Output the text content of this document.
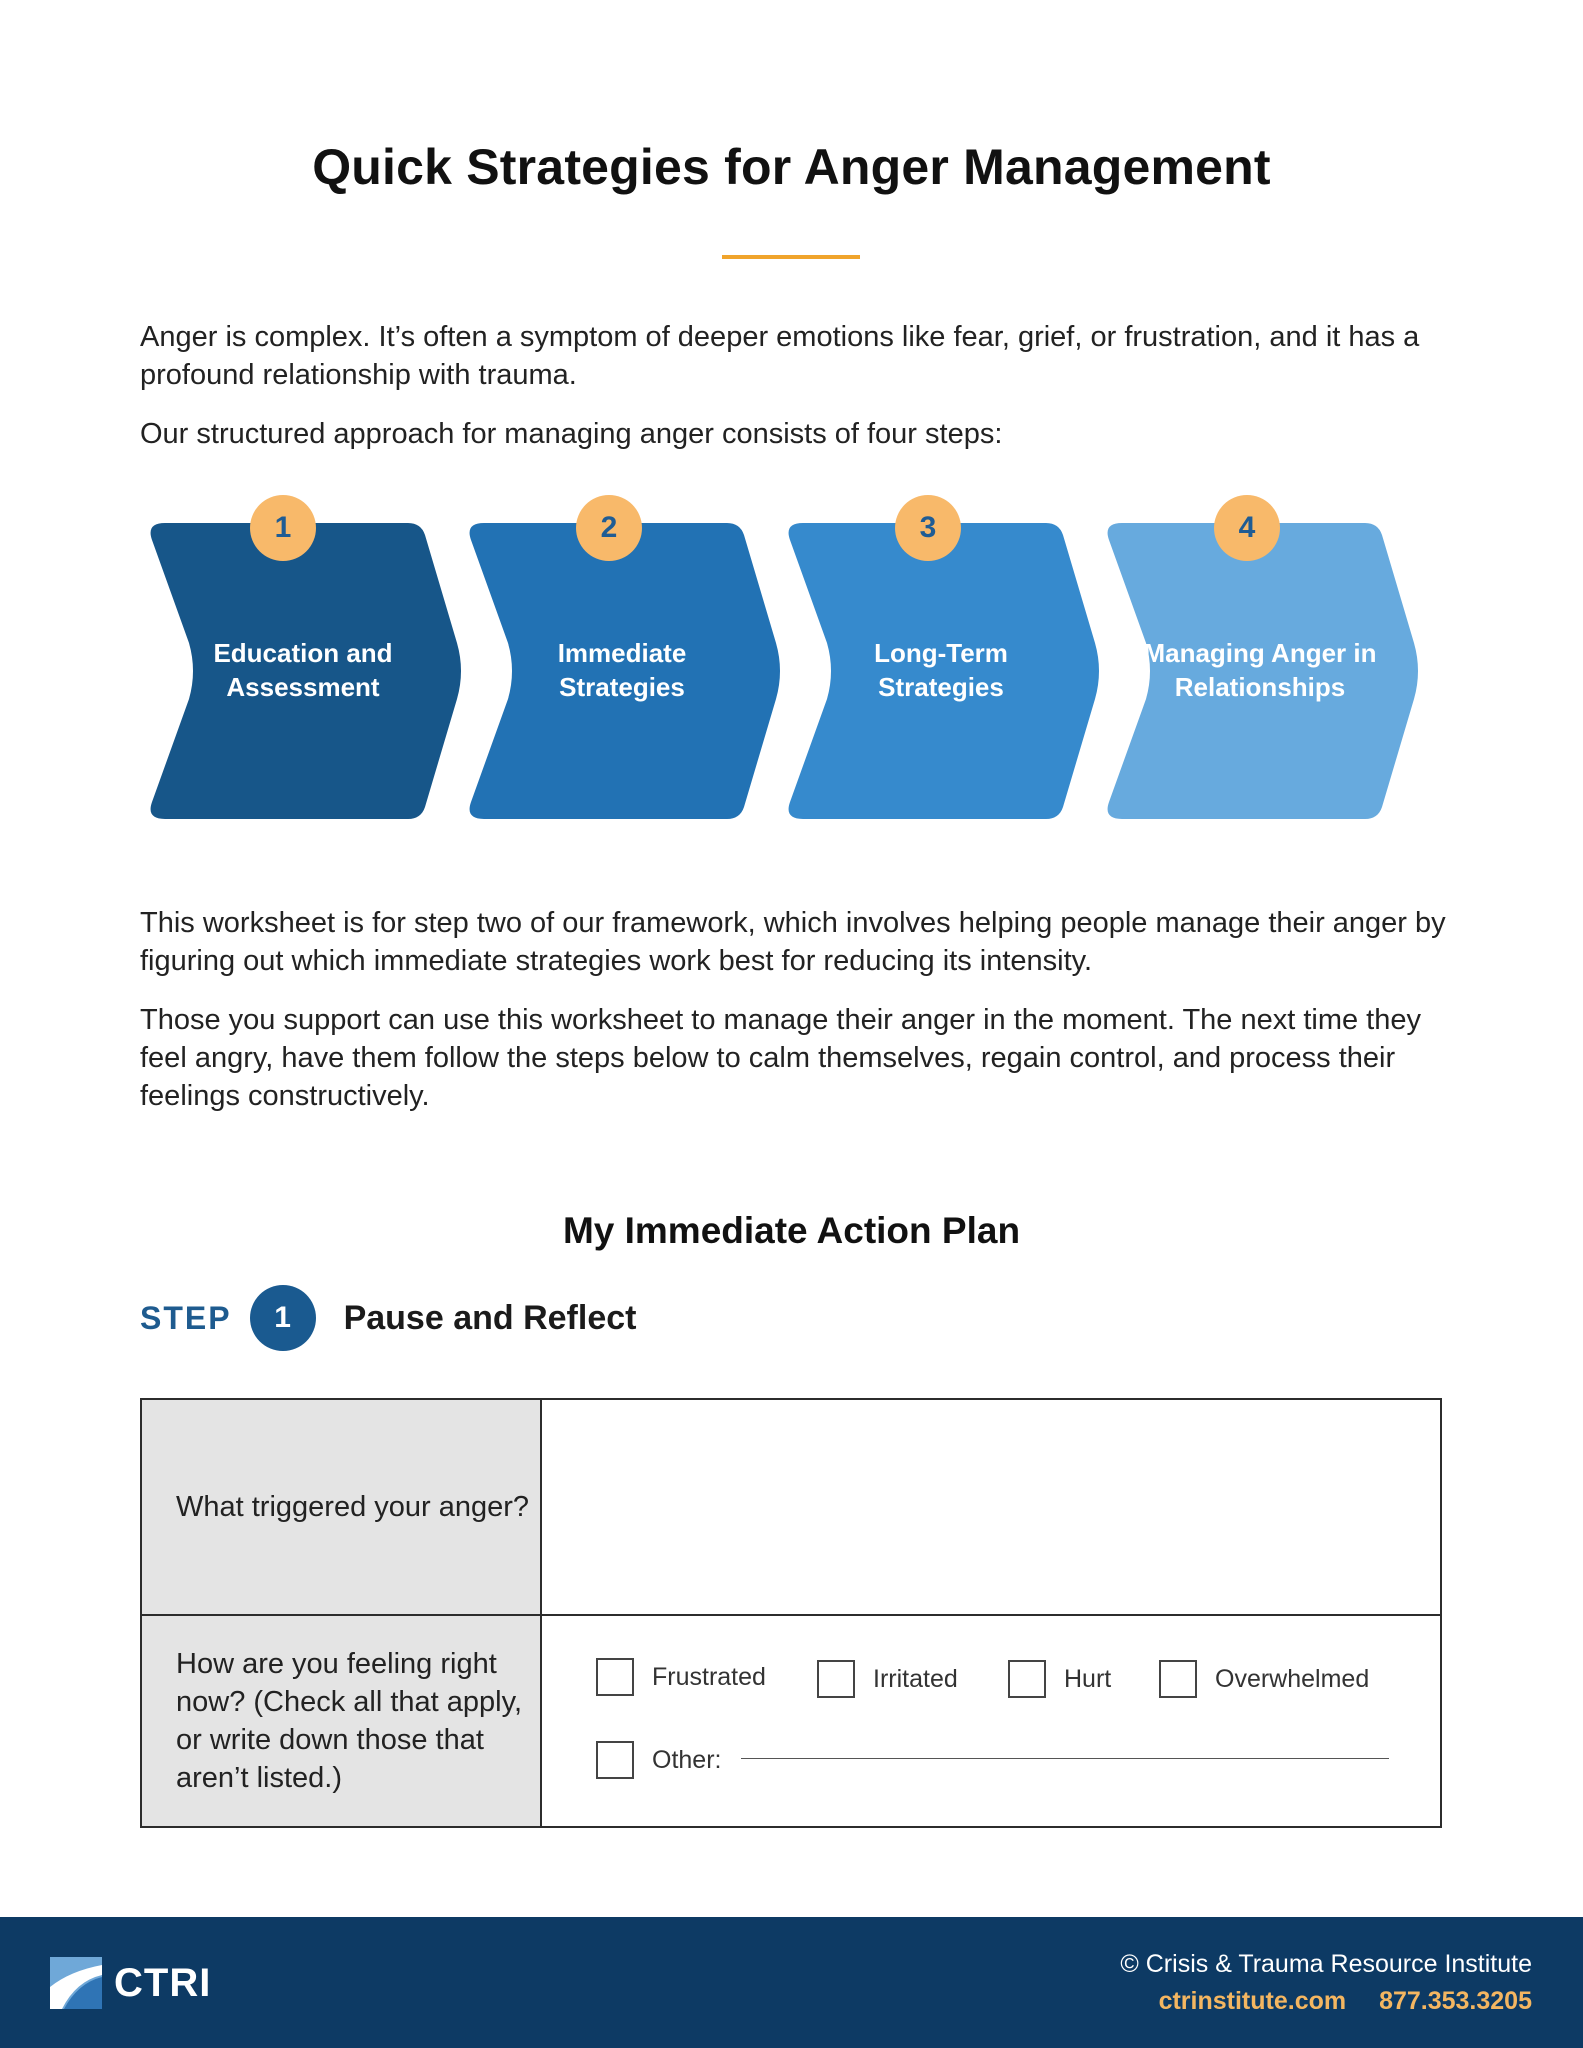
Quick Strategies for Anger Management

Anger is complex. It’s often a symptom of deeper emotions like fear, grief, or frustration, and it has a profound relationship with trauma.

Our structured approach for managing anger consists of four steps:

1
Education and Assessment
2
Immediate Strategies
3
Long-Term Strategies
4
Managing Anger in Relationships

This worksheet is for step two of our framework, which involves helping people manage their anger by figuring out which immediate strategies work best for reducing its intensity.

Those you support can use this worksheet to manage their anger in the moment. The next time they feel angry, have them follow the steps below to calm themselves, regain control, and process their feelings constructively.

My Immediate Action Plan
STEP	1	Pause and Reflect
What triggered your anger?
How are you feeling right now? (Check all that apply, or write down those that aren’t listed.)
Frustrated	Irritated	Hurt	Overwhelmed
Other:
CTRI	© Crisis & Trauma Resource Institute
ctrinstitute.com 877.353.3205
